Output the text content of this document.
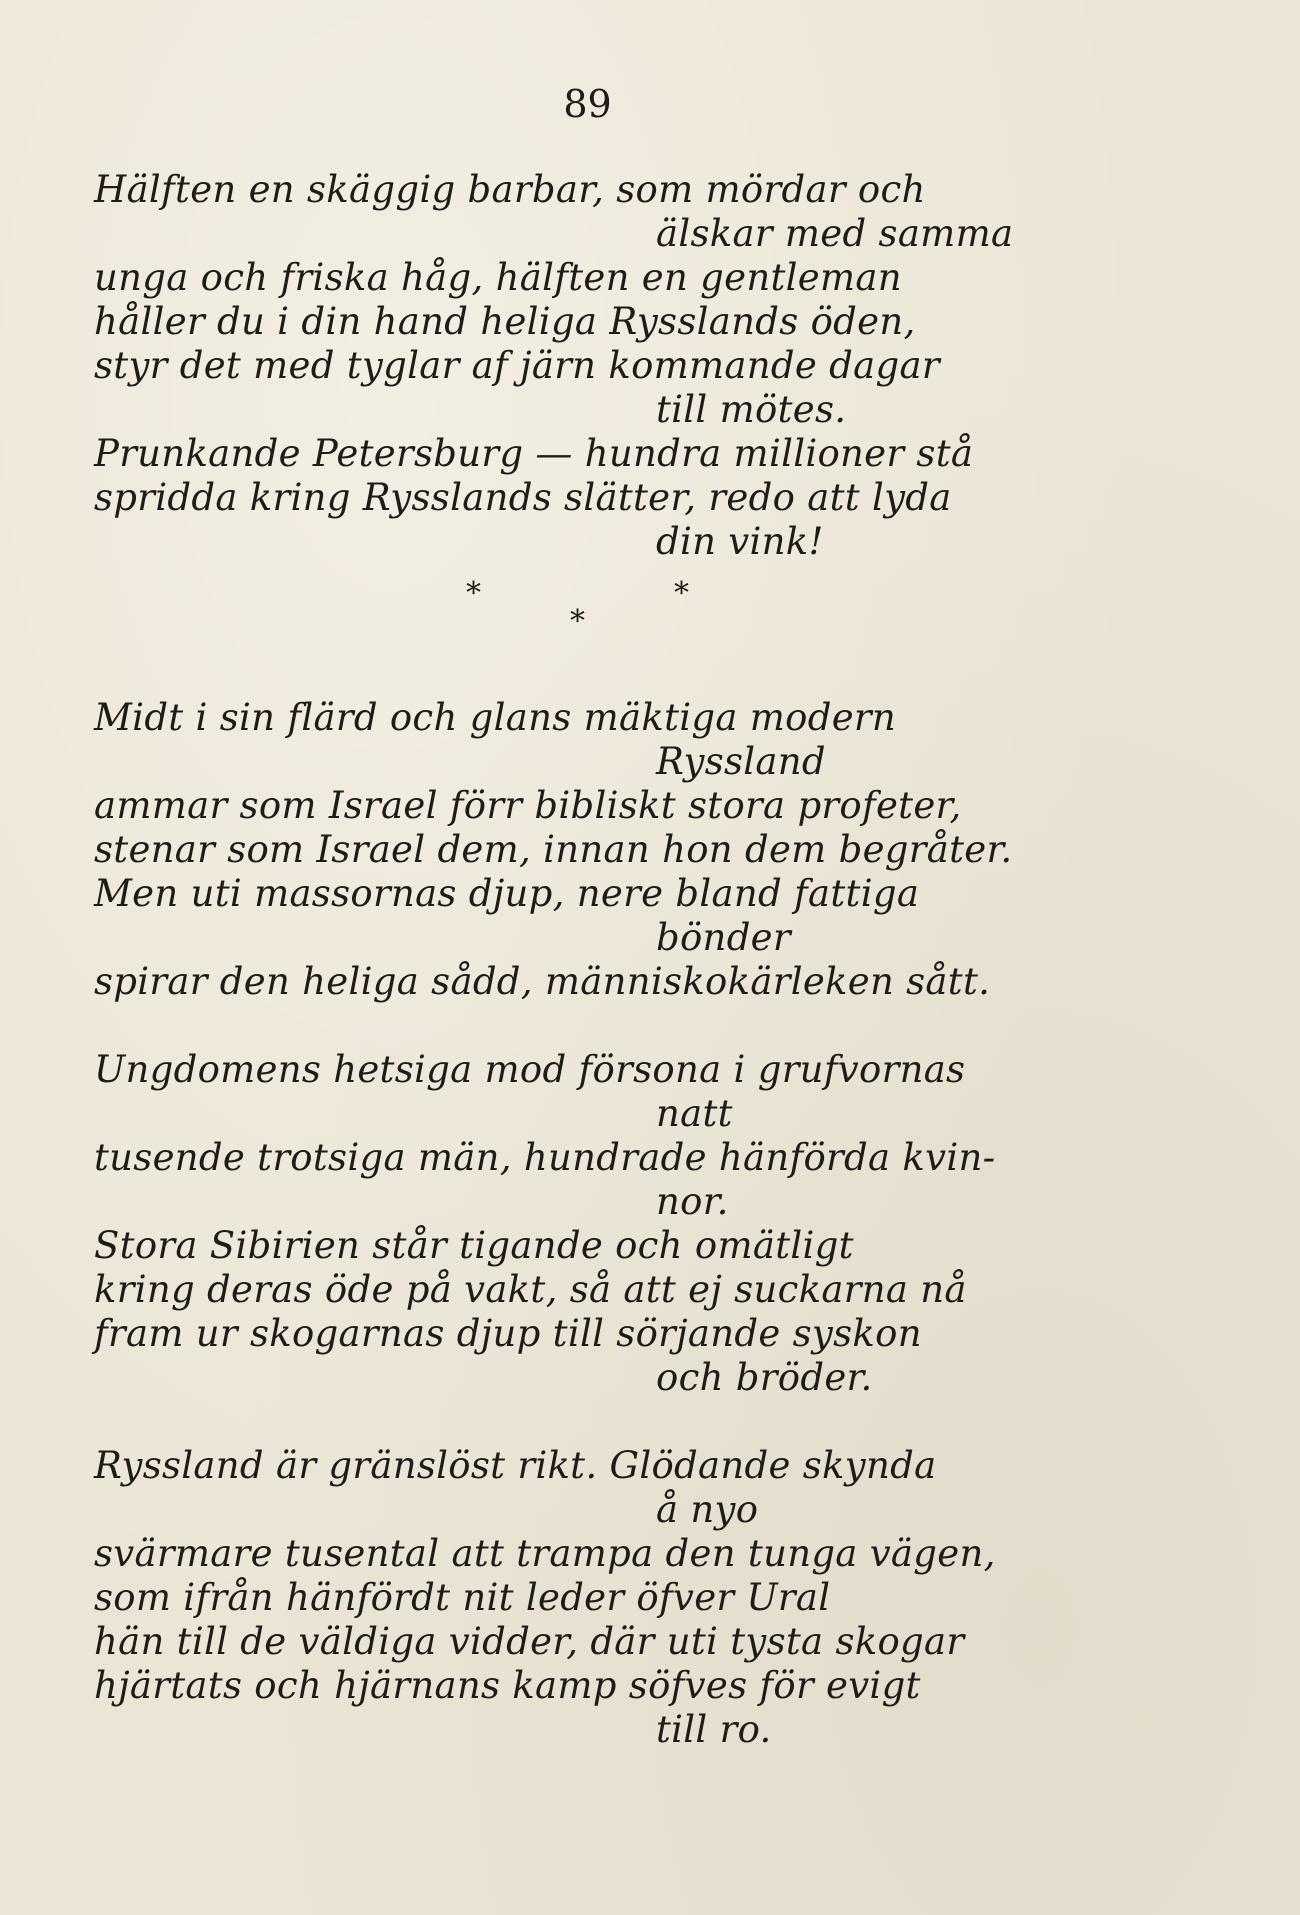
89
Hälften en skäggig barbar, som mördar och
älskar med samma
unga och friska håg, hälften en gentleman
håller du i din hand heliga Rysslands öden,
styr det med tyglar af järn kommande dagar
till mötes.
Prunkande Petersburg — hundra millioner stå
spridda kring Rysslands slätter, redo att lyda
din vink!
*	*
*
Midt i sin flärd och glans mäktiga modern
Ryssland
ammar som Israel förr bibliskt stora profeter,
stenar som Israel dem, innan hon dem begråter.
Men uti massornas djup, nere bland fattiga
bönder
spirar den heliga sådd, människokärleken sått.
Ungdomens hetsiga mod försona i grufvornas
natt
tusende trotsiga män, hundrade hänförda kvin-
nor.
Stora Sibirien står tigande och omätligt
kring deras öde på vakt, så att ej suckarna nå
fram ur skogarnas djup till sörjande syskon
och bröder.
Ryssland är gränslöst rikt. Glödande skynda
å nyo
svärmare tusental att trampa den tunga vägen,
som ifrån hänfördt nit leder öfver Ural
hän till de väldiga vidder, där uti tysta skogar
hjärtats och hjärnans kamp söfves för evigt
till ro.
